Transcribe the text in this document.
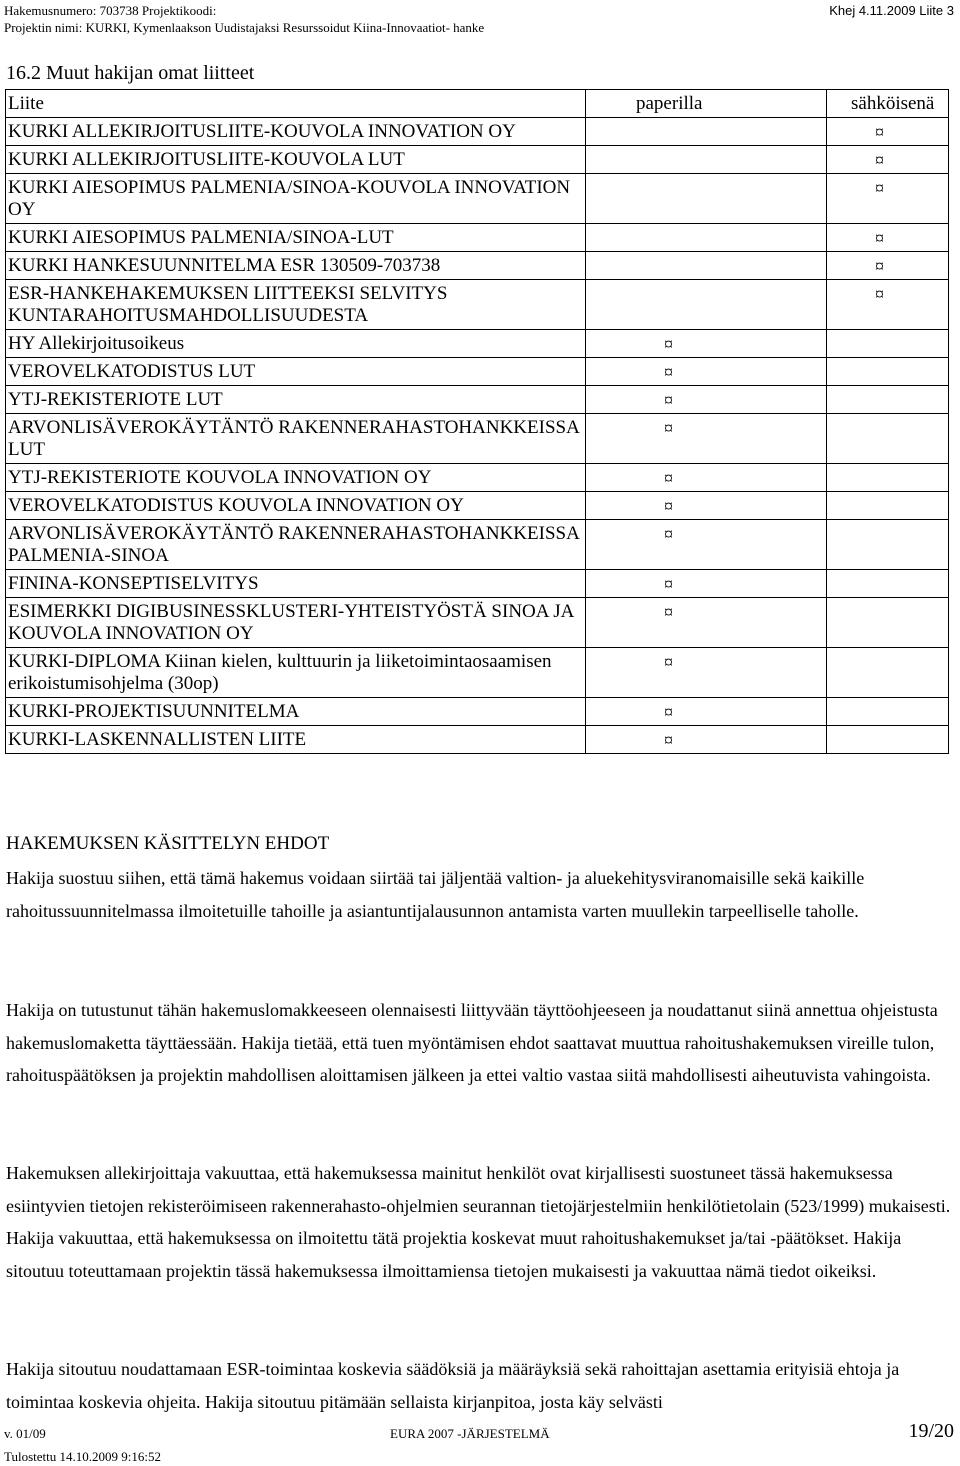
Hakemusnumero: 703738 Projektikoodi:
Projektin nimi: KURKI, Kymenlaakson Uudistajaksi Resurssoidut Kiina-Innovaatiot- hanke
Khej 4.11.2009 Liite 3
16.2 Muut hakijan omat liitteet
Liite	paperilla	sähköisenä
KURKI ALLEKIRJOITUSLIITE-KOUVOLA INNOVATION OY		¤
KURKI ALLEKIRJOITUSLIITE-KOUVOLA LUT		¤
KURKI AIESOPIMUS PALMENIA/SINOA-KOUVOLA INNOVATION OY		¤
KURKI AIESOPIMUS PALMENIA/SINOA-LUT		¤
KURKI HANKESUUNNITELMA ESR 130509-703738		¤
ESR-HANKEHAKEMUKSEN LIITTEEKSI SELVITYS KUNTARAHOITUSMAHDOLLISUUDESTA		¤
HY Allekirjoitusoikeus	¤	
VEROVELKATODISTUS LUT	¤	
YTJ-REKISTERIOTE LUT	¤	
ARVONLISÄVEROKÄYTÄNTÖ RAKENNERAHASTOHANKKEISSA LUT	¤	
YTJ-REKISTERIOTE KOUVOLA INNOVATION OY	¤	
VEROVELKATODISTUS KOUVOLA INNOVATION OY	¤	
ARVONLISÄVEROKÄYTÄNTÖ RAKENNERAHASTOHANKKEISSA PALMENIA-SINOA	¤	
FININA-KONSEPTISELVITYS	¤	
ESIMERKKI DIGIBUSINESSKLUSTERI-YHTEISTYÖSTÄ SINOA JA KOUVOLA INNOVATION OY	¤	
KURKI-DIPLOMA Kiinan kielen, kulttuurin ja liiketoimintaosaamisen erikoistumisohjelma (30op)	¤	
KURKI-PROJEKTISUUNNITELMA	¤	
KURKI-LASKENNALLISTEN LIITE	¤	
HAKEMUKSEN KÄSITTELYN EHDOT

Hakija suostuu siihen, että tämä hakemus voidaan siirtää tai jäljentää valtion- ja aluekehitysviranomaisille sekä kaikille rahoitussuunnitelmassa ilmoitetuille tahoille ja asiantuntijalausunnon antamista varten muullekin tarpeelliselle taholle.

Hakija on tutustunut tähän hakemuslomakkeeseen olennaisesti liittyvään täyttöohjeeseen ja noudattanut siinä annettua ohjeistusta hakemuslomaketta täyttäessään. Hakija tietää, että tuen myöntämisen ehdot saattavat muuttua rahoitushakemuksen vireille tulon, rahoituspäätöksen ja projektin mahdollisen aloittamisen jälkeen ja ettei valtio vastaa siitä mahdollisesti aiheutuvista vahingoista.

Hakemuksen allekirjoittaja vakuuttaa, että hakemuksessa mainitut henkilöt ovat kirjallisesti suostuneet tässä hakemuksessa esiintyvien tietojen rekisteröimiseen rakennerahasto-ohjelmien seurannan tietojärjestelmiin henkilötietolain (523/1999) mukaisesti. Hakija vakuuttaa, että hakemuksessa on ilmoitettu tätä projektia koskevat muut rahoitushakemukset ja/tai -päätökset. Hakija sitoutuu toteuttamaan projektin tässä hakemuksessa ilmoittamiensa tietojen mukaisesti ja vakuuttaa nämä tiedot oikeiksi.

Hakija sitoutuu noudattamaan ESR-toimintaa koskevia säädöksiä ja määräyksiä sekä rahoittajan asettamia erityisiä ehtoja ja toimintaa koskevia ohjeita. Hakija sitoutuu pitämään sellaista kirjanpitoa, josta käy selvästi

v. 01/09	EURA 2007 -JÄRJESTELMÄ	19/20
Tulostettu 14.10.2009 9:16:52
